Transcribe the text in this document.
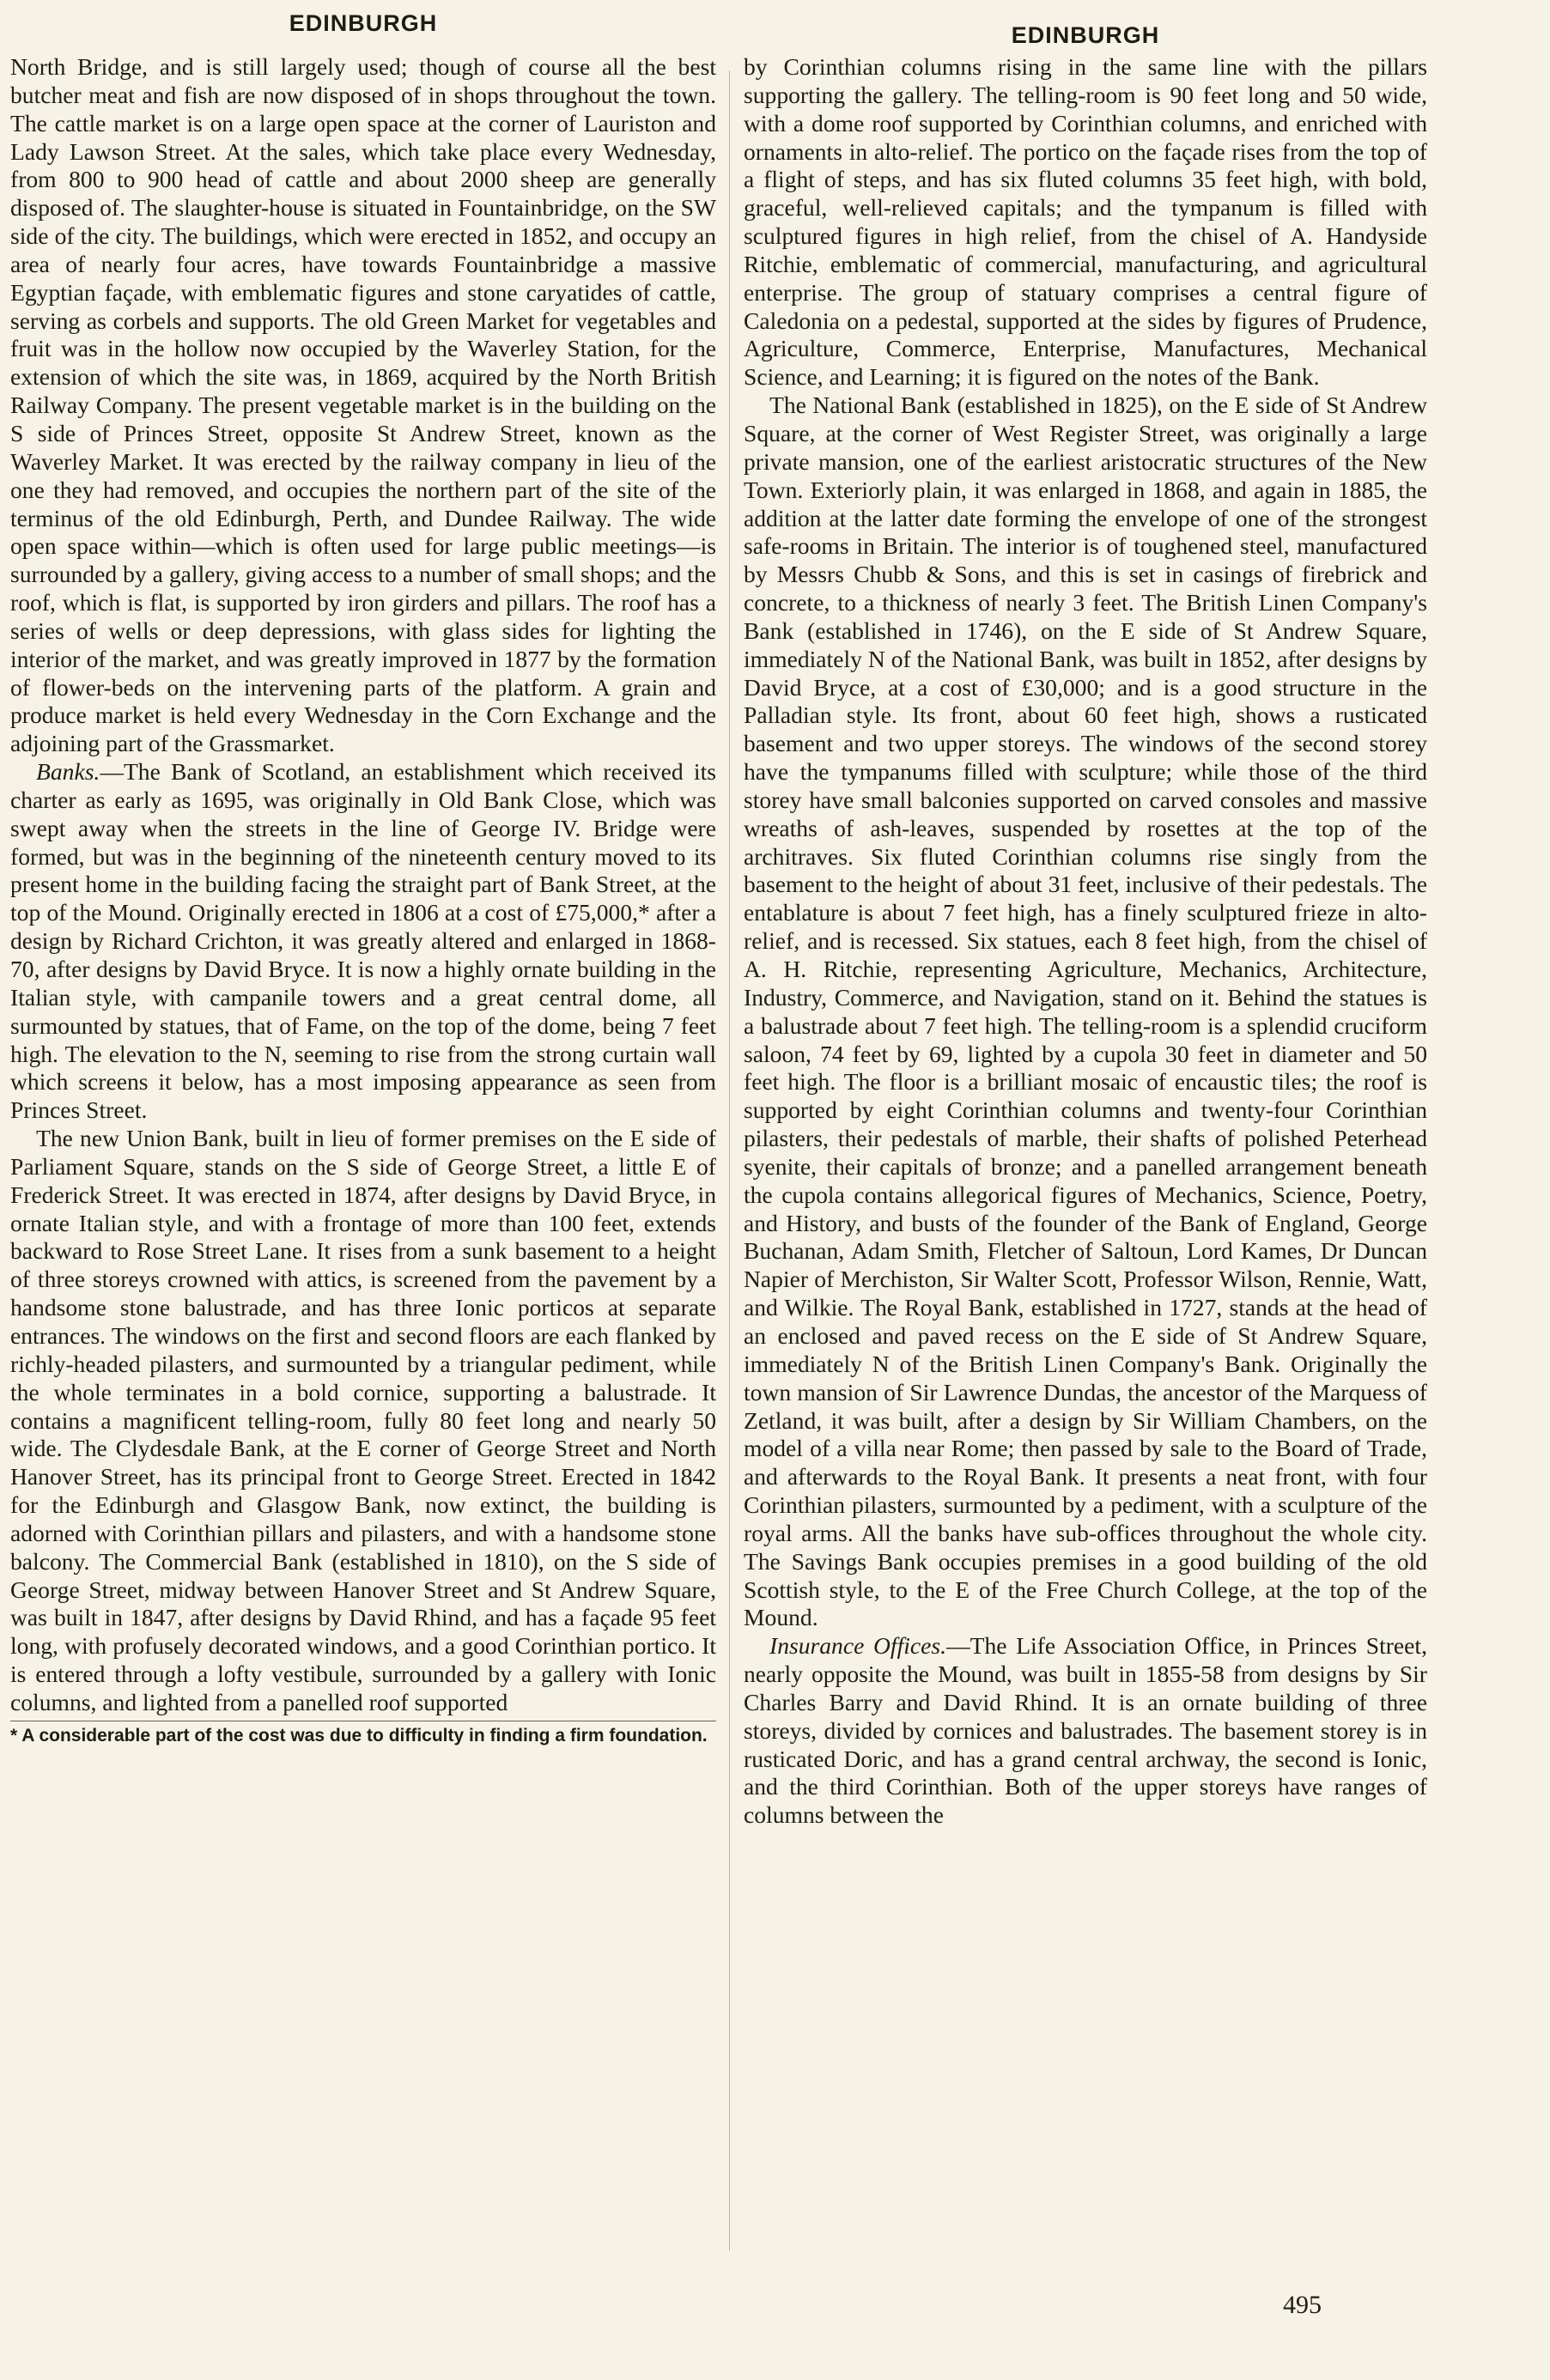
EDINBURGH

North Bridge, and is still largely used; though of course all the best butcher meat and fish are now disposed of in shops throughout the town. The cattle market is on a large open space at the corner of Lauriston and Lady Lawson Street. At the sales, which take place every Wednesday, from 800 to 900 head of cattle and about 2000 sheep are generally disposed of. The slaughter-house is situated in Fountainbridge, on the SW side of the city. The buildings, which were erected in 1852, and occupy an area of nearly four acres, have towards Fountainbridge a massive Egyptian façade, with emblematic figures and stone caryatides of cattle, serving as corbels and supports. The old Green Market for vegetables and fruit was in the hollow now occupied by the Waverley Station, for the extension of which the site was, in 1869, acquired by the North British Railway Company. The present vegetable market is in the building on the S side of Princes Street, opposite St Andrew Street, known as the Waverley Market. It was erected by the railway company in lieu of the one they had removed, and occupies the northern part of the site of the terminus of the old Edinburgh, Perth, and Dundee Railway. The wide open space within—which is often used for large public meetings—is surrounded by a gallery, giving access to a number of small shops; and the roof, which is flat, is supported by iron girders and pillars. The roof has a series of wells or deep depressions, with glass sides for lighting the interior of the market, and was greatly improved in 1877 by the formation of flower-beds on the intervening parts of the platform. A grain and produce market is held every Wednesday in the Corn Exchange and the adjoining part of the Grassmarket.

Banks.—The Bank of Scotland, an establishment which received its charter as early as 1695, was originally in Old Bank Close, which was swept away when the streets in the line of George IV. Bridge were formed, but was in the beginning of the nineteenth century moved to its present home in the building facing the straight part of Bank Street, at the top of the Mound. Originally erected in 1806 at a cost of £75,000,* after a design by Richard Crichton, it was greatly altered and enlarged in 1868-70, after designs by David Bryce. It is now a highly ornate building in the Italian style, with campanile towers and a great central dome, all surmounted by statues, that of Fame, on the top of the dome, being 7 feet high. The elevation to the N, seeming to rise from the strong curtain wall which screens it below, has a most imposing appearance as seen from Princes Street.

The new Union Bank, built in lieu of former premises on the E side of Parliament Square, stands on the S side of George Street, a little E of Frederick Street. It was erected in 1874, after designs by David Bryce, in ornate Italian style, and with a frontage of more than 100 feet, extends backward to Rose Street Lane. It rises from a sunk basement to a height of three storeys crowned with attics, is screened from the pavement by a handsome stone balustrade, and has three Ionic porticos at separate entrances. The windows on the first and second floors are each flanked by richly-headed pilasters, and surmounted by a triangular pediment, while the whole terminates in a bold cornice, supporting a balustrade. It contains a magnificent telling-room, fully 80 feet long and nearly 50 wide. The Clydesdale Bank, at the E corner of George Street and North Hanover Street, has its principal front to George Street. Erected in 1842 for the Edinburgh and Glasgow Bank, now extinct, the building is adorned with Corinthian pillars and pilasters, and with a handsome stone balcony. The Commercial Bank (established in 1810), on the S side of George Street, midway between Hanover Street and St Andrew Square, was built in 1847, after designs by David Rhind, and has a façade 95 feet long, with profusely decorated windows, and a good Corinthian portico. It is entered through a lofty vestibule, surrounded by a gallery with Ionic columns, and lighted from a panelled roof supported

* A considerable part of the cost was due to difficulty in finding a firm foundation.
EDINBURGH

by Corinthian columns rising in the same line with the pillars supporting the gallery. The telling-room is 90 feet long and 50 wide, with a dome roof supported by Corinthian columns, and enriched with ornaments in alto-relief. The portico on the façade rises from the top of a flight of steps, and has six fluted columns 35 feet high, with bold, graceful, well-relieved capitals; and the tympanum is filled with sculptured figures in high relief, from the chisel of A. Handyside Ritchie, emblematic of commercial, manufacturing, and agricultural enterprise. The group of statuary comprises a central figure of Caledonia on a pedestal, supported at the sides by figures of Prudence, Agriculture, Commerce, Enterprise, Manufactures, Mechanical Science, and Learning; it is figured on the notes of the Bank.

The National Bank (established in 1825), on the E side of St Andrew Square, at the corner of West Register Street, was originally a large private mansion, one of the earliest aristocratic structures of the New Town. Exteriorly plain, it was enlarged in 1868, and again in 1885, the addition at the latter date forming the envelope of one of the strongest safe-rooms in Britain. The interior is of toughened steel, manufactured by Messrs Chubb & Sons, and this is set in casings of firebrick and concrete, to a thickness of nearly 3 feet. The British Linen Company's Bank (established in 1746), on the E side of St Andrew Square, immediately N of the National Bank, was built in 1852, after designs by David Bryce, at a cost of £30,000; and is a good structure in the Palladian style. Its front, about 60 feet high, shows a rusticated basement and two upper storeys. The windows of the second storey have the tympanums filled with sculpture; while those of the third storey have small balconies supported on carved consoles and massive wreaths of ash-leaves, suspended by rosettes at the top of the architraves. Six fluted Corinthian columns rise singly from the basement to the height of about 31 feet, inclusive of their pedestals. The entablature is about 7 feet high, has a finely sculptured frieze in alto-relief, and is recessed. Six statues, each 8 feet high, from the chisel of A. H. Ritchie, representing Agriculture, Mechanics, Architecture, Industry, Commerce, and Navigation, stand on it. Behind the statues is a balustrade about 7 feet high. The telling-room is a splendid cruciform saloon, 74 feet by 69, lighted by a cupola 30 feet in diameter and 50 feet high. The floor is a brilliant mosaic of encaustic tiles; the roof is supported by eight Corinthian columns and twenty-four Corinthian pilasters, their pedestals of marble, their shafts of polished Peterhead syenite, their capitals of bronze; and a panelled arrangement beneath the cupola contains allegorical figures of Mechanics, Science, Poetry, and History, and busts of the founder of the Bank of England, George Buchanan, Adam Smith, Fletcher of Saltoun, Lord Kames, Dr Duncan Napier of Merchiston, Sir Walter Scott, Professor Wilson, Rennie, Watt, and Wilkie. The Royal Bank, established in 1727, stands at the head of an enclosed and paved recess on the E side of St Andrew Square, immediately N of the British Linen Company's Bank. Originally the town mansion of Sir Lawrence Dundas, the ancestor of the Marquess of Zetland, it was built, after a design by Sir William Chambers, on the model of a villa near Rome; then passed by sale to the Board of Trade, and afterwards to the Royal Bank. It presents a neat front, with four Corinthian pilasters, surmounted by a pediment, with a sculpture of the royal arms. All the banks have sub-offices throughout the whole city. The Savings Bank occupies premises in a good building of the old Scottish style, to the E of the Free Church College, at the top of the Mound.

Insurance Offices.—The Life Association Office, in Princes Street, nearly opposite the Mound, was built in 1855-58 from designs by Sir Charles Barry and David Rhind. It is an ornate building of three storeys, divided by cornices and balustrades. The basement storey is in rusticated Doric, and has a grand central archway, the second is Ionic, and the third Corinthian. Both of the upper storeys have ranges of columns between the

495
